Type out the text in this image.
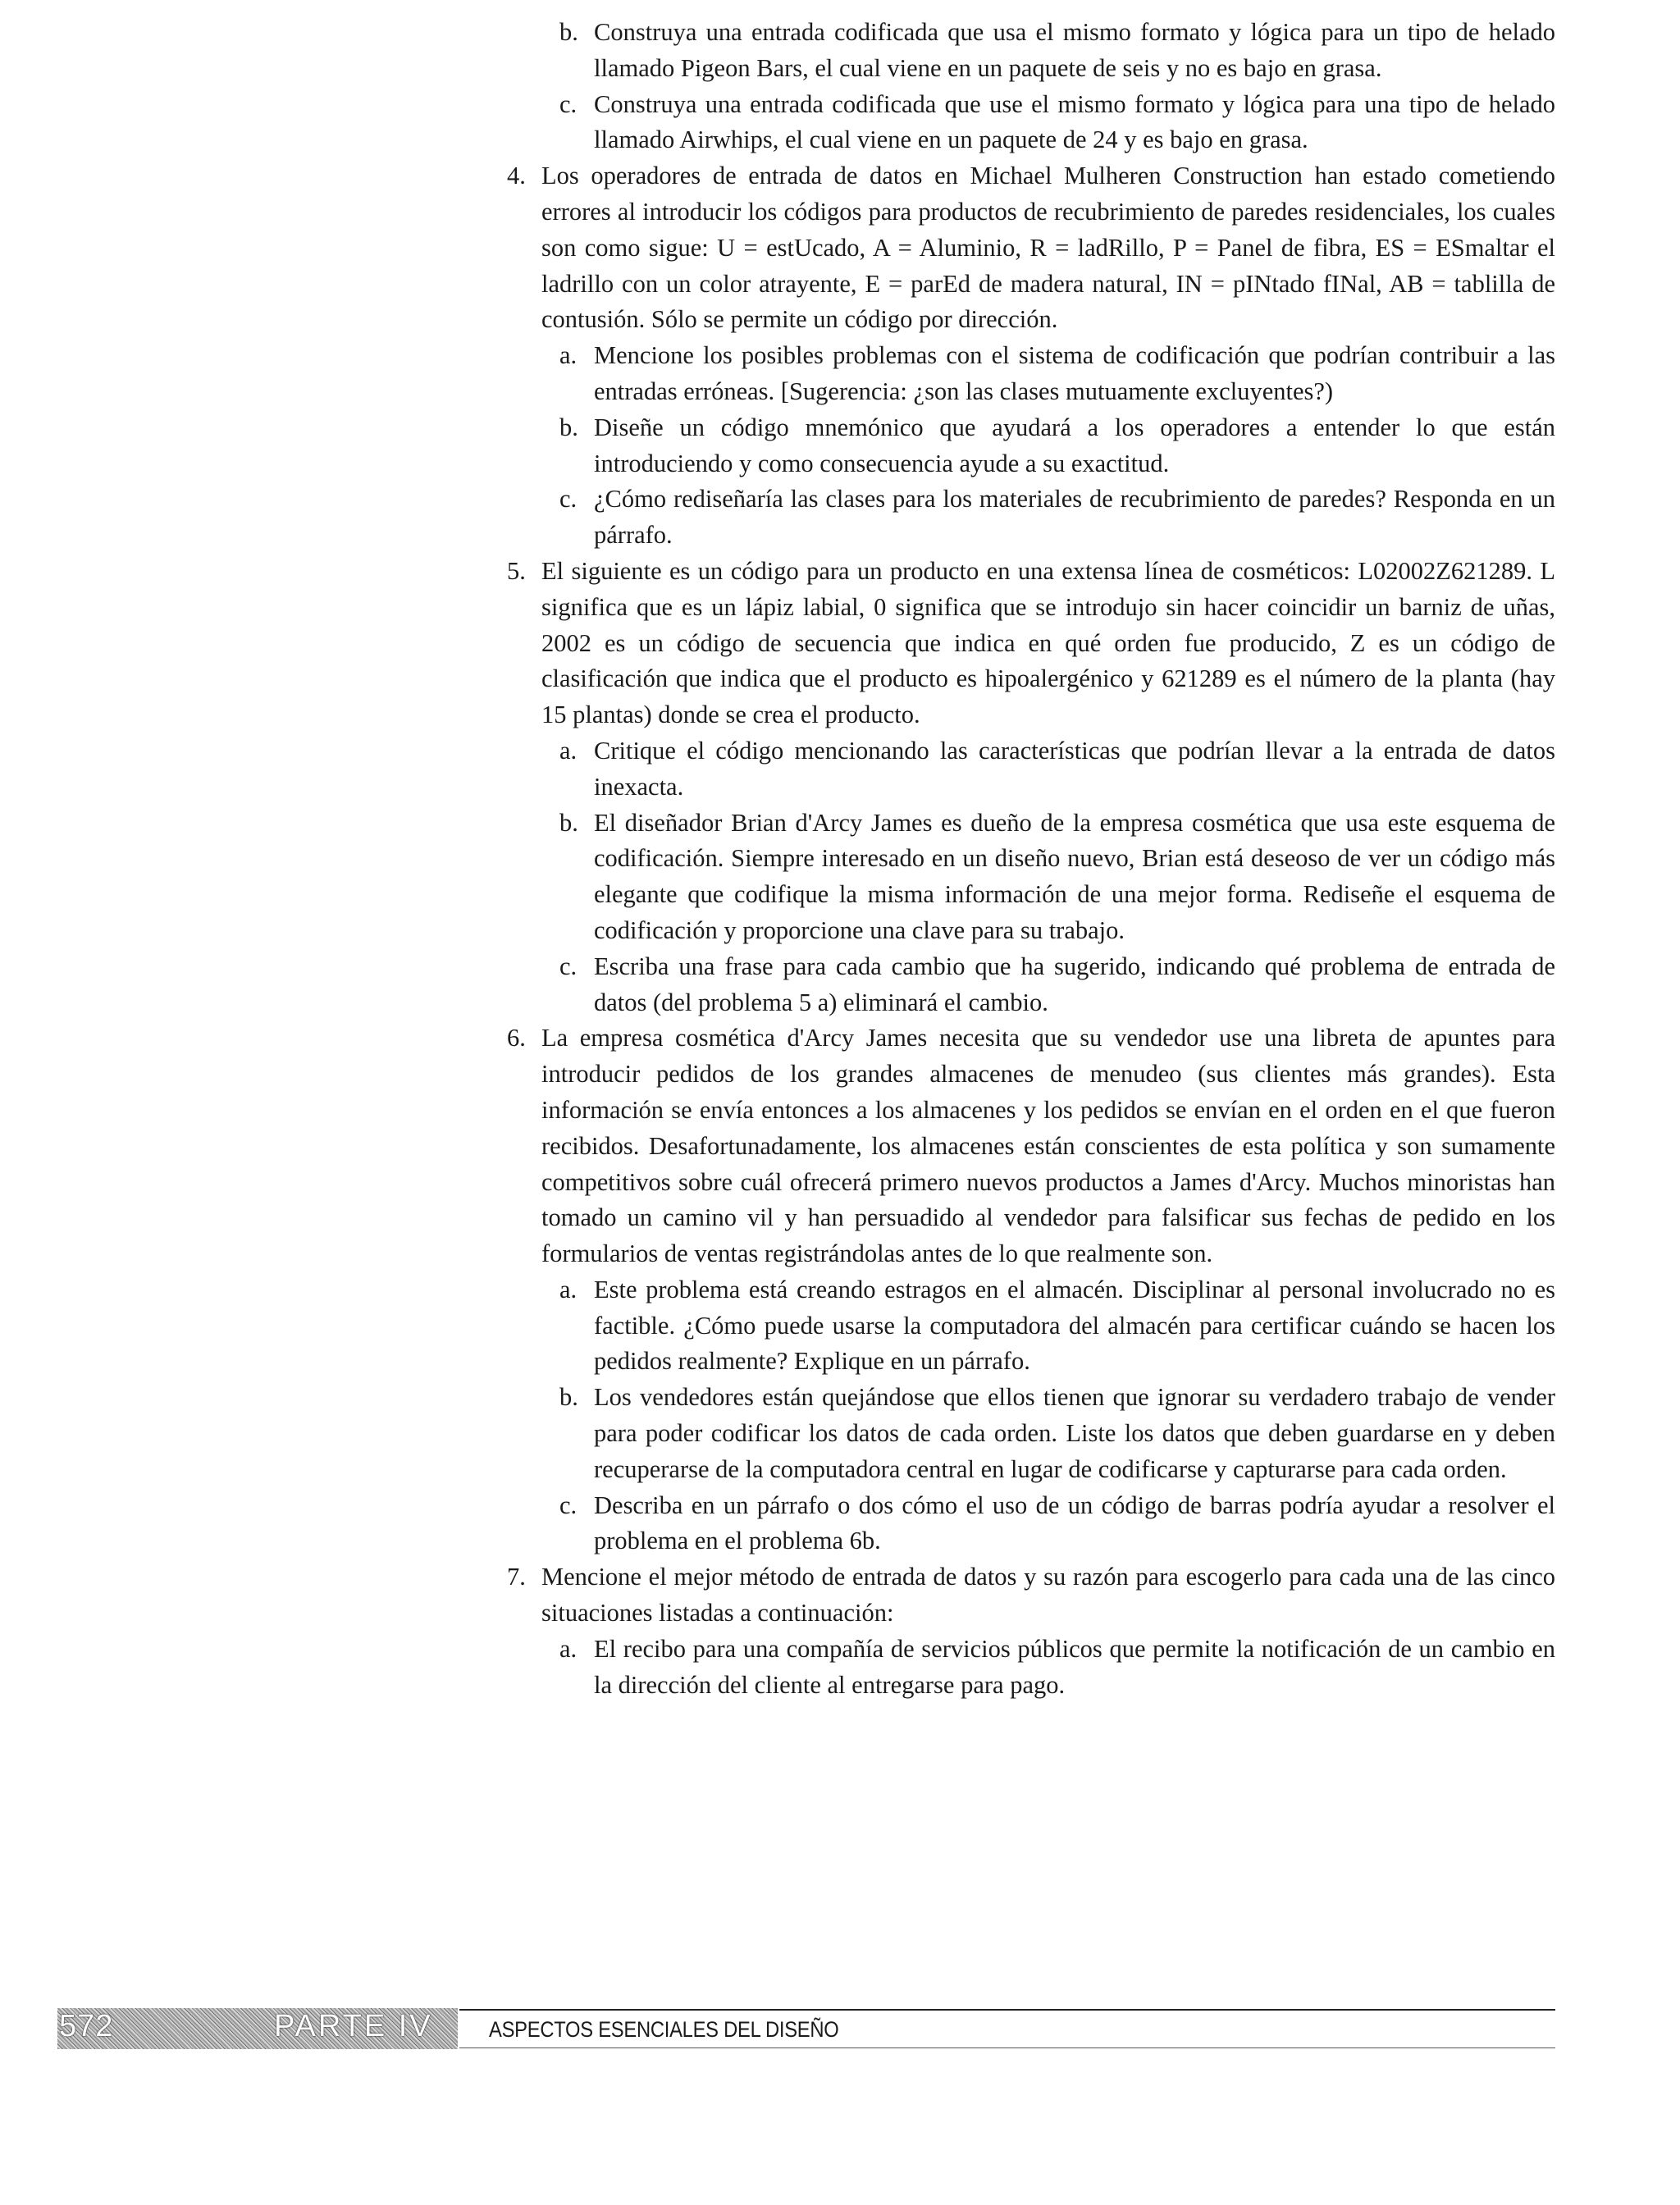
b. Construya una entrada codificada que usa el mismo formato y lógica para un tipo de helado llamado Pigeon Bars, el cual viene en un paquete de seis y no es bajo en grasa.
c. Construya una entrada codificada que use el mismo formato y lógica para una tipo de helado llamado Airwhips, el cual viene en un paquete de 24 y es bajo en grasa.
4. Los operadores de entrada de datos en Michael Mulheren Construction han estado cometiendo errores al introducir los códigos para productos de recubrimiento de paredes residenciales, los cuales son como sigue: U = estUcado, A = Aluminio, R = ladRillo, P = Panel de fibra, ES = ESmaltar el ladrillo con un color atrayente, E = parEd de madera natural, IN = pINtado fINal, AB = tablilla de contusión. Sólo se permite un código por dirección.
a. Mencione los posibles problemas con el sistema de codificación que podrían contribuir a las entradas erróneas. [Sugerencia: ¿son las clases mutuamente excluyentes?)
b. Diseñe un código mnemónico que ayudará a los operadores a entender lo que están introduciendo y como consecuencia ayude a su exactitud.
c. ¿Cómo rediseñaría las clases para los materiales de recubrimiento de paredes? Responda en un párrafo.
5. El siguiente es un código para un producto en una extensa línea de cosméticos: L02002Z621289. L significa que es un lápiz labial, 0 significa que se introdujo sin hacer coincidir un barniz de uñas, 2002 es un código de secuencia que indica en qué orden fue producido, Z es un código de clasificación que indica que el producto es hipoalergénico y 621289 es el número de la planta (hay 15 plantas) donde se crea el producto.
a. Critique el código mencionando las características que podrían llevar a la entrada de datos inexacta.
b. El diseñador Brian d'Arcy James es dueño de la empresa cosmética que usa este esquema de codificación. Siempre interesado en un diseño nuevo, Brian está deseoso de ver un código más elegante que codifique la misma información de una mejor forma. Rediseñe el esquema de codificación y proporcione una clave para su trabajo.
c. Escriba una frase para cada cambio que ha sugerido, indicando qué problema de entrada de datos (del problema 5 a) eliminará el cambio.
6. La empresa cosmética d'Arcy James necesita que su vendedor use una libreta de apuntes para introducir pedidos de los grandes almacenes de menudeo (sus clientes más grandes). Esta información se envía entonces a los almacenes y los pedidos se envían en el orden en el que fueron recibidos. Desafortunadamente, los almacenes están conscientes de esta política y son sumamente competitivos sobre cuál ofrecerá primero nuevos productos a James d'Arcy. Muchos minoristas han tomado un camino vil y han persuadido al vendedor para falsificar sus fechas de pedido en los formularios de ventas registrándolas antes de lo que realmente son.
a. Este problema está creando estragos en el almacén. Disciplinar al personal involucrado no es factible. ¿Cómo puede usarse la computadora del almacén para certificar cuándo se hacen los pedidos realmente? Explique en un párrafo.
b. Los vendedores están quejándose que ellos tienen que ignorar su verdadero trabajo de vender para poder codificar los datos de cada orden. Liste los datos que deben guardarse en y deben recuperarse de la computadora central en lugar de codificarse y capturarse para cada orden.
c. Describa en un párrafo o dos cómo el uso de un código de barras podría ayudar a resolver el problema en el problema 6b.
7. Mencione el mejor método de entrada de datos y su razón para escogerlo para cada una de las cinco situaciones listadas a continuación:
a. El recibo para una compañía de servicios públicos que permite la notificación de un cambio en la dirección del cliente al entregarse para pago.
572	PARTE IV	ASPECTOS ESENCIALES DEL DISEÑO
